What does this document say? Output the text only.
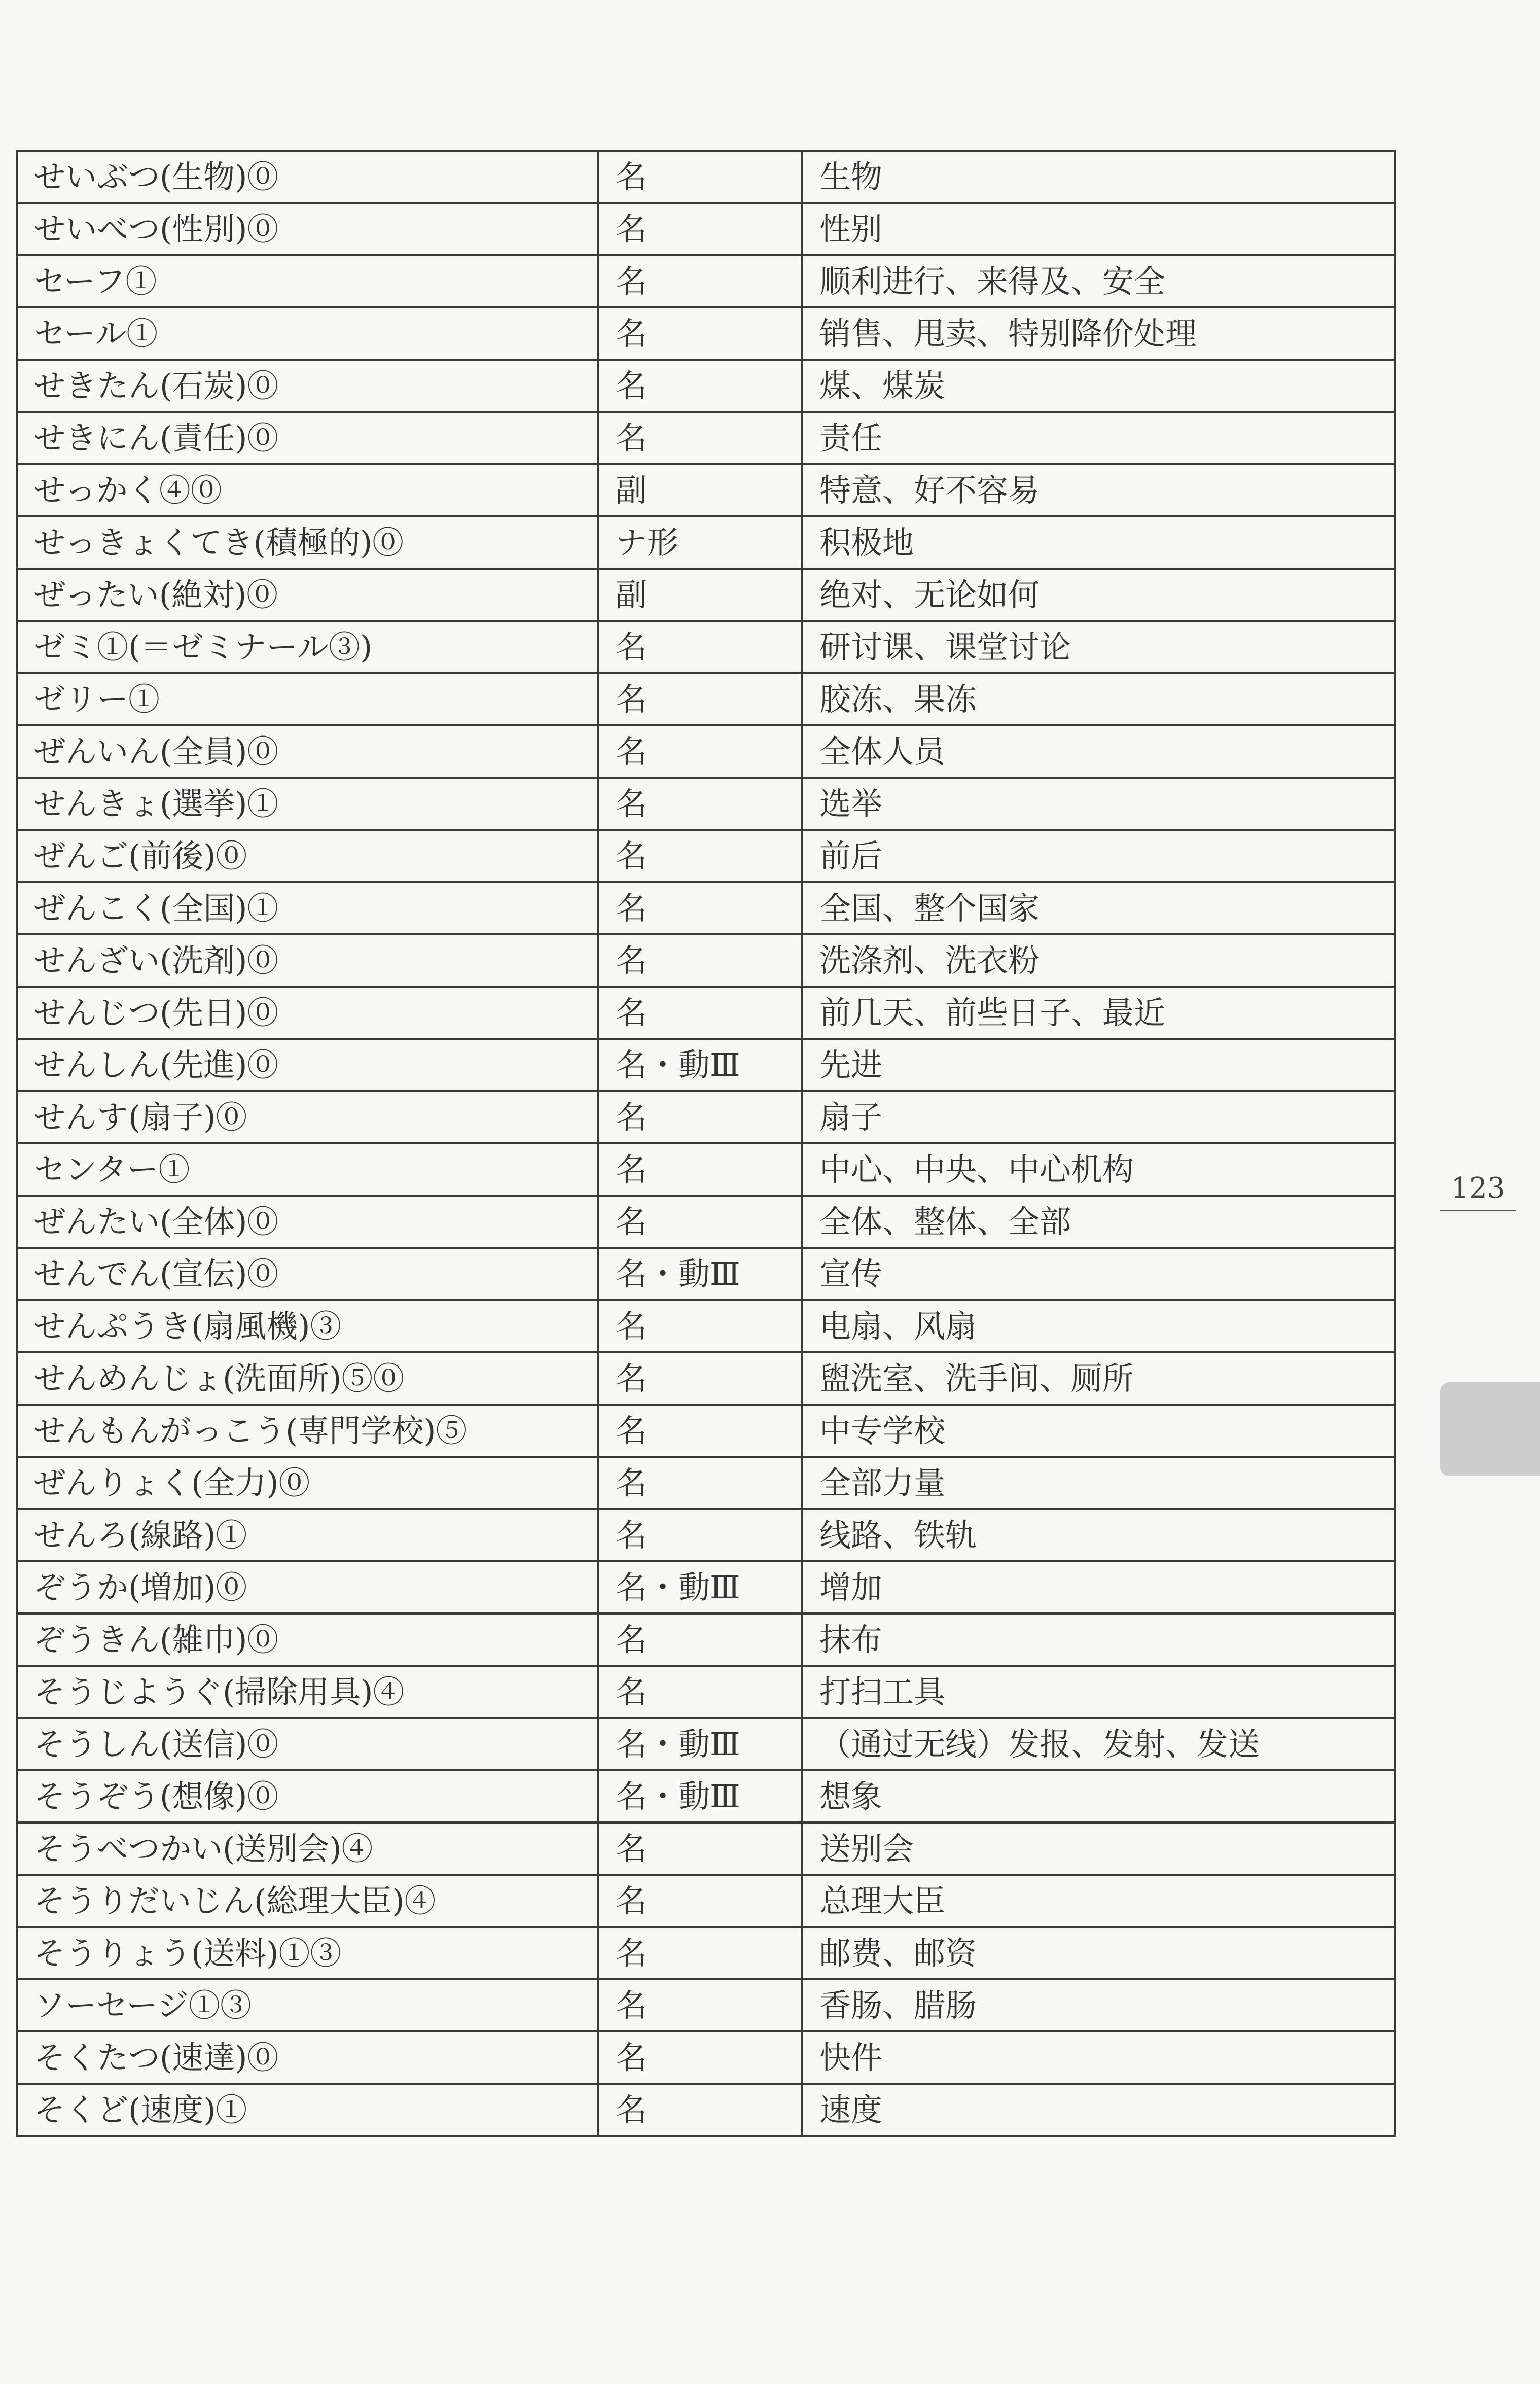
せいぶつ(生物)⓪	名	生物
せいべつ(性別)⓪	名	性别
セーフ①	名	顺利进行、来得及、安全
セール①	名	销售、甩卖、特别降价处理
せきたん(石炭)⓪	名	煤、煤炭
せきにん(責任)⓪	名	责任
せっかく④⓪	副	特意、好不容易
せっきょくてき(積極的)⓪	ナ形	积极地
ぜったい(絶対)⓪	副	绝对、无论如何
ゼミ①(＝ゼミナール③)	名	研讨课、课堂讨论
ゼリー①	名	胶冻、果冻
ぜんいん(全員)⓪	名	全体人员
せんきょ(選挙)①	名	选举
ぜんご(前後)⓪	名	前后
ぜんこく(全国)①	名	全国、整个国家
せんざい(洗剤)⓪	名	洗涤剂、洗衣粉
せんじつ(先日)⓪	名	前几天、前些日子、最近
せんしん(先進)⓪	名・動Ⅲ	先进
せんす(扇子)⓪	名	扇子
センター①	名	中心、中央、中心机构
ぜんたい(全体)⓪	名	全体、整体、全部
せんでん(宣伝)⓪	名・動Ⅲ	宣传
せんぷうき(扇風機)③	名	电扇、风扇
せんめんじょ(洗面所)⑤⓪	名	盥洗室、洗手间、厕所
せんもんがっこう(専門学校)⑤	名	中专学校
ぜんりょく(全力)⓪	名	全部力量
せんろ(線路)①	名	线路、铁轨
ぞうか(増加)⓪	名・動Ⅲ	增加
ぞうきん(雑巾)⓪	名	抹布
そうじようぐ(掃除用具)④	名	打扫工具
そうしん(送信)⓪	名・動Ⅲ	（通过无线）发报、发射、发送
そうぞう(想像)⓪	名・動Ⅲ	想象
そうべつかい(送別会)④	名	送别会
そうりだいじん(総理大臣)④	名	总理大臣
そうりょう(送料)①③	名	邮费、邮资
ソーセージ①③	名	香肠、腊肠
そくたつ(速達)⓪	名	快件
そくど(速度)①	名	速度
123
